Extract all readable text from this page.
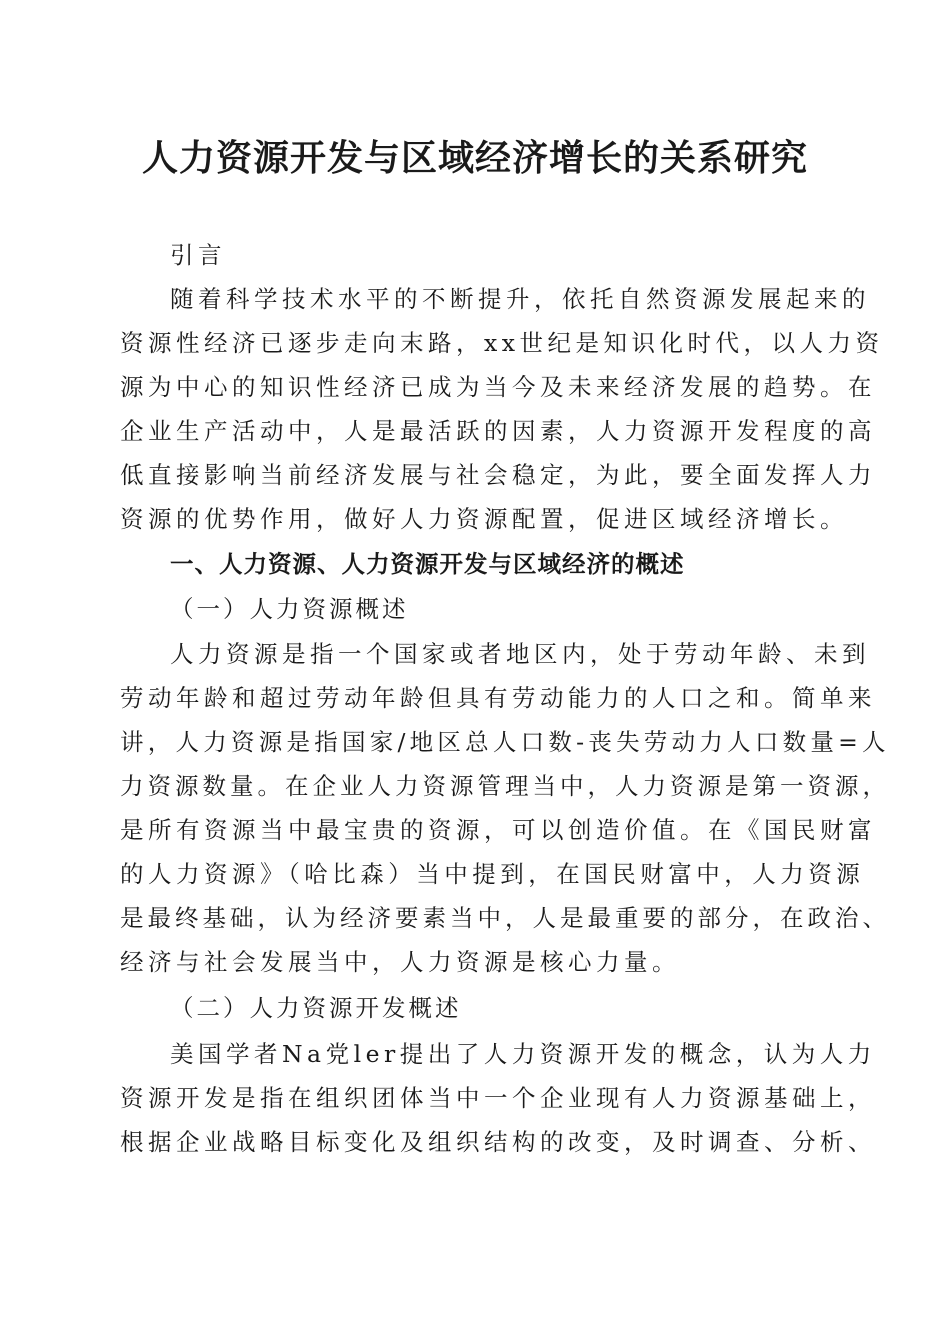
人力资源开发与区域经济增长的关系研究
引言
随着科学技术水平的不断提升，依托自然资源发展起来的
资源性经济已逐步走向末路，xx世纪是知识化时代，以人力资
源为中心的知识性经济已成为当今及未来经济发展的趋势。在
企业生产活动中，人是最活跃的因素，人力资源开发程度的高
低直接影响当前经济发展与社会稳定，为此，要全面发挥人力
资源的优势作用，做好人力资源配置，促进区域经济增长。
一、人力资源、人力资源开发与区域经济的概述
（一）人力资源概述
人力资源是指一个国家或者地区内，处于劳动年龄、未到
劳动年龄和超过劳动年龄但具有劳动能力的人口之和。简单来
讲，人力资源是指国家/地区总人口数-丧失劳动力人口数量=人
力资源数量。在企业人力资源管理当中，人力资源是第一资源，
是所有资源当中最宝贵的资源，可以创造价值。在《国民财富
的人力资源》（哈比森）当中提到，在国民财富中，人力资源
是最终基础，认为经济要素当中，人是最重要的部分，在政治、
经济与社会发展当中，人力资源是核心力量。
（二）人力资源开发概述
美国学者Na党ler提出了人力资源开发的概念，认为人力
资源开发是指在组织团体当中一个企业现有人力资源基础上，
根据企业战略目标变化及组织结构的改变，及时调查、分析、
